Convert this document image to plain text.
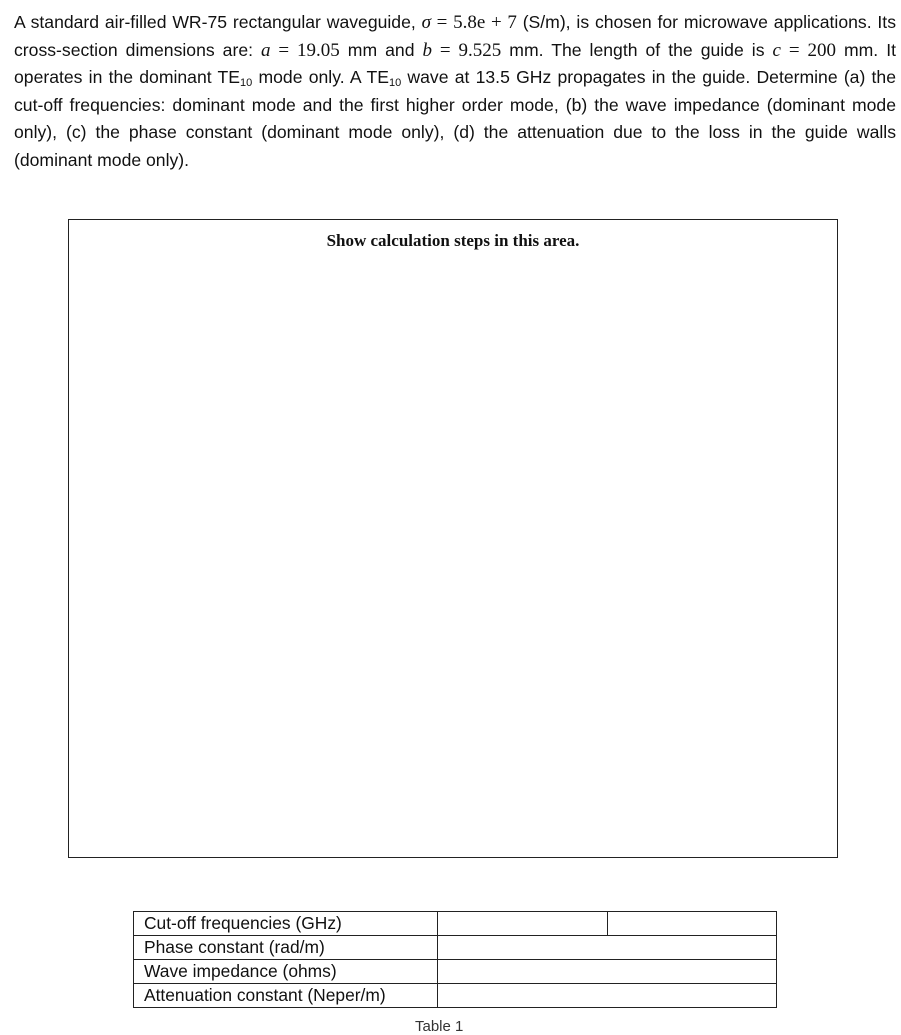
A standard air-filled WR-75 rectangular waveguide, σ = 5.8e + 7 (S/m), is chosen for microwave applications. Its cross-section dimensions are: a = 19.05 mm and b = 9.525 mm. The length of the guide is c = 200 mm. It operates in the dominant $TE_{10}$ mode only. A $TE_{10}$ wave at 13.5 GHz propagates in the guide. Determine (a) the cut-off frequencies: dominant mode and the first higher order mode, (b) the wave impedance (dominant mode only), (c) the phase constant (dominant mode only), (d) the attenuation due to the loss in the guide walls (dominant mode only).
Show calculation steps in this area.
Cut-off frequencies (GHz)		
Phase constant (rad/m)		
Wave impedance (ohms)		
Attenuation constant (Neper/m)		
Table 1
